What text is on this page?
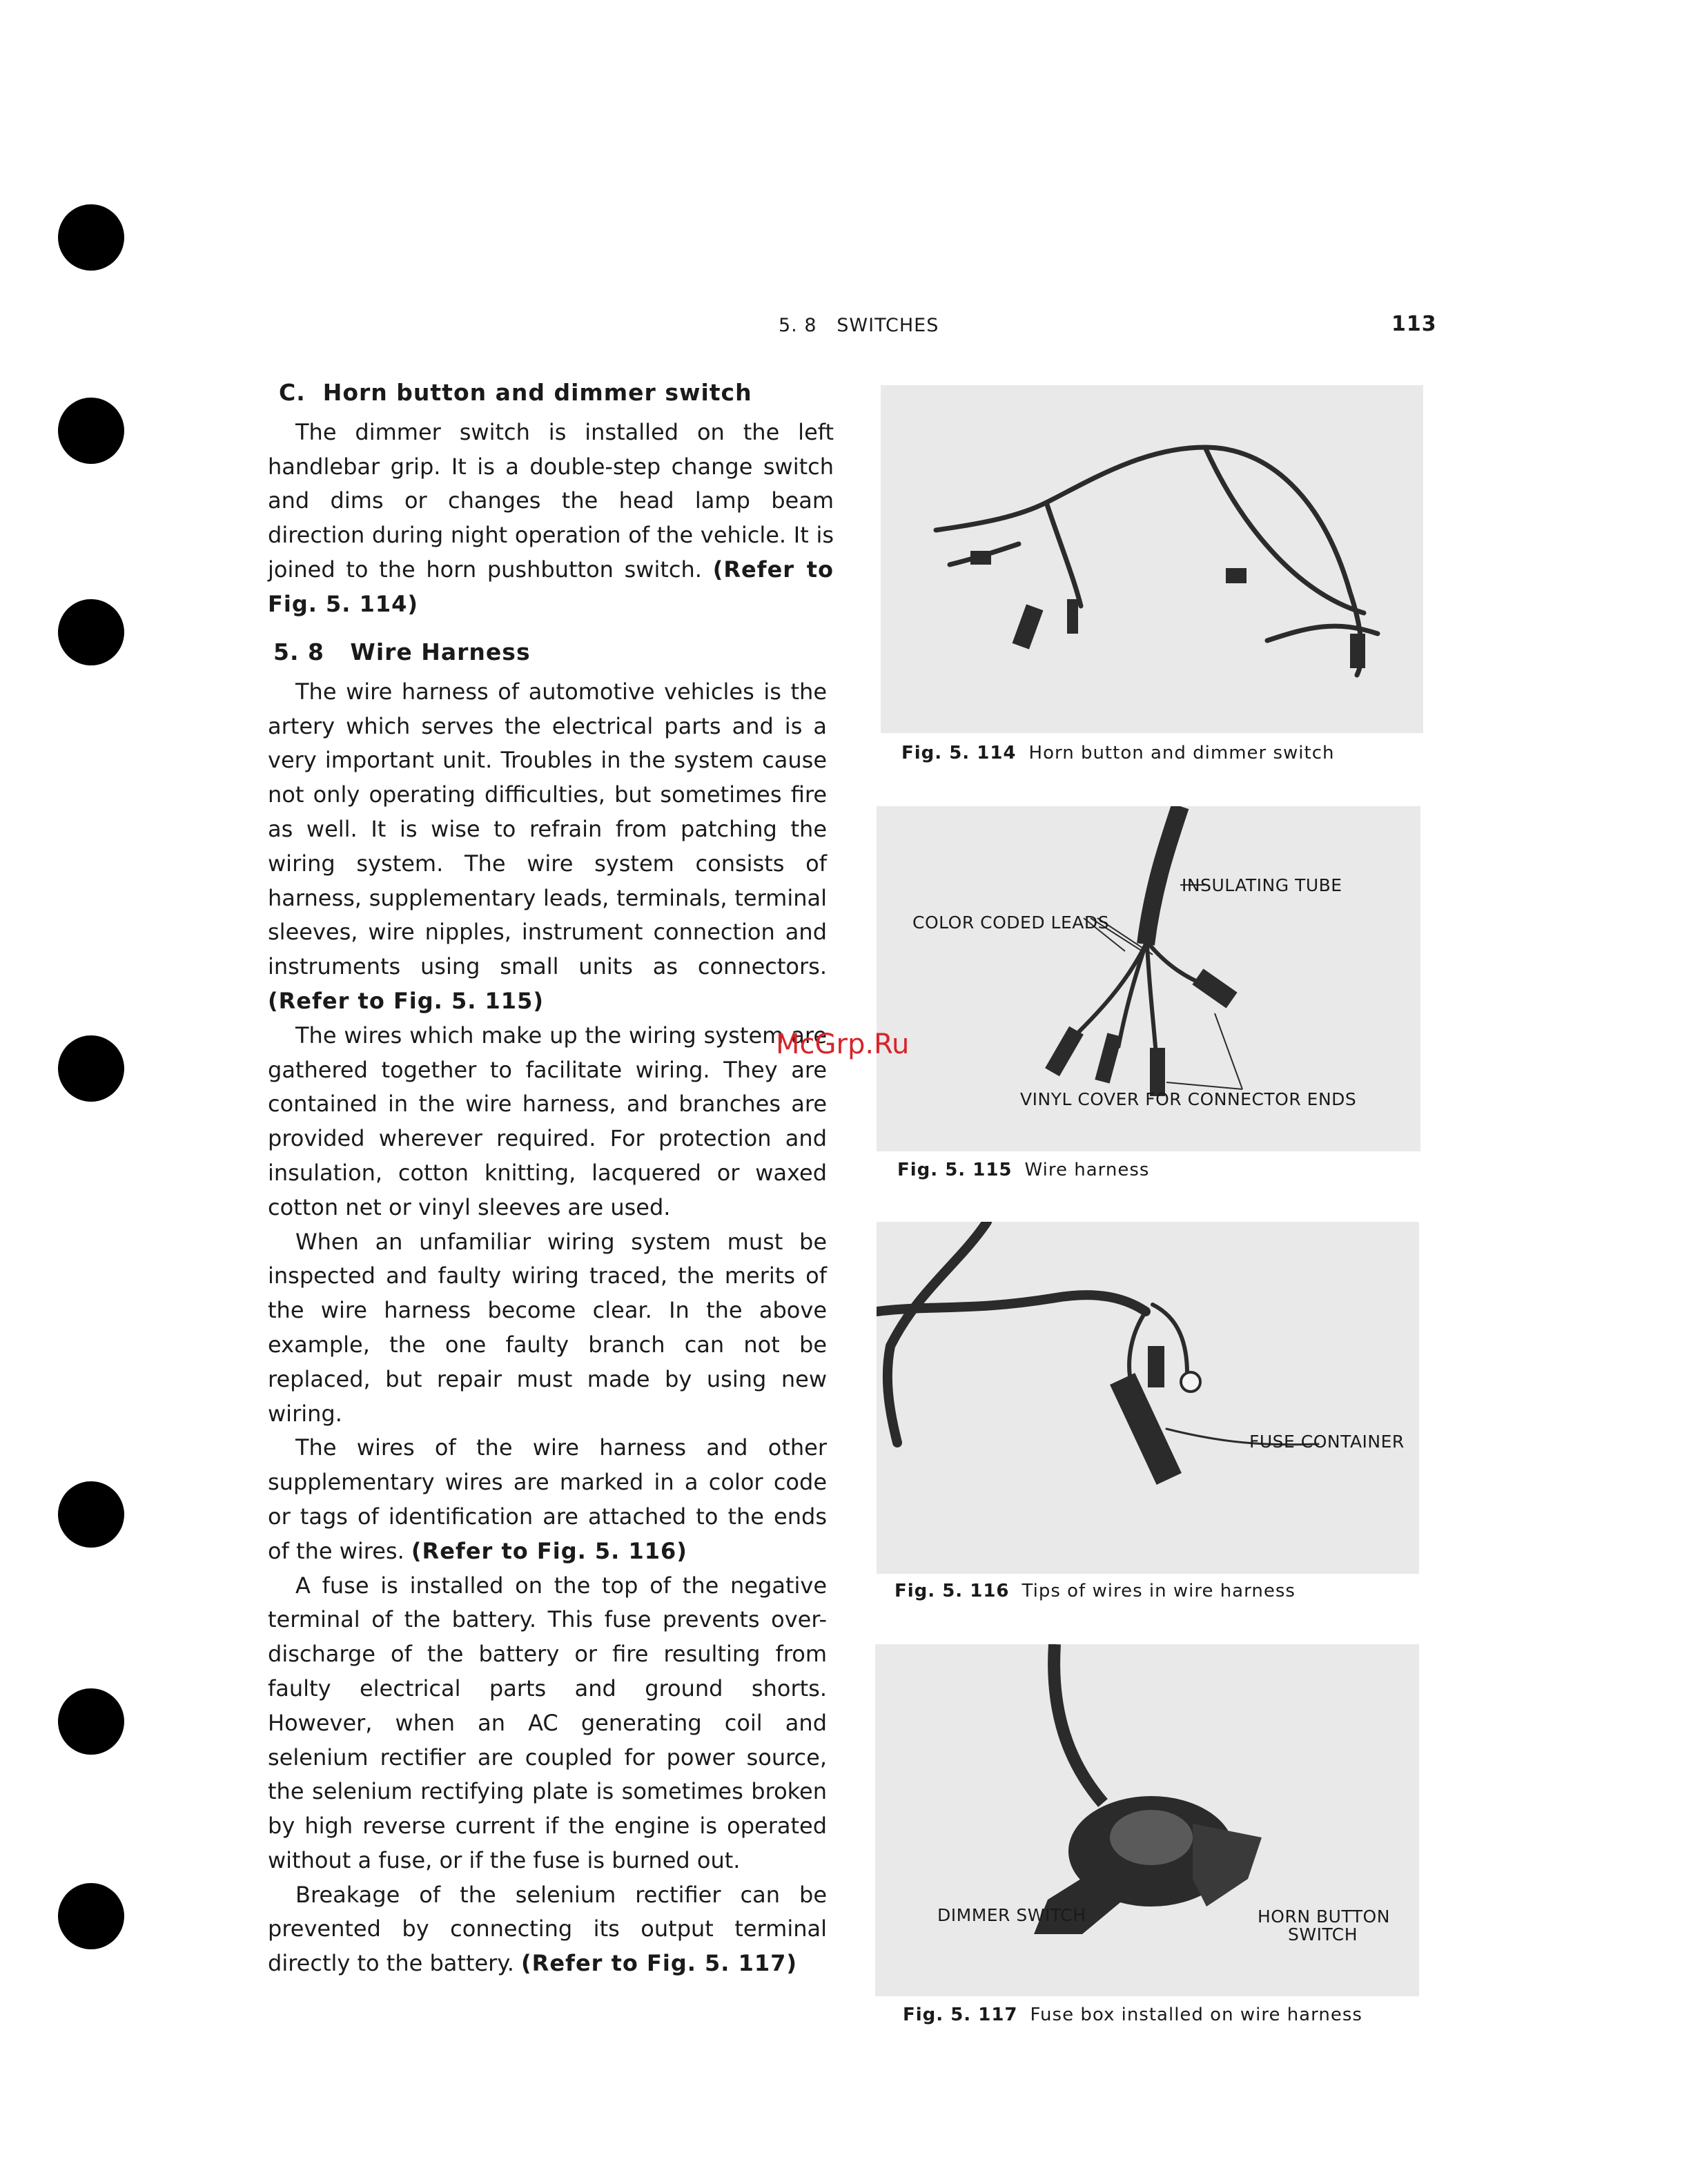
5. 8   SWITCHES	113
C.  Horn button and dimmer switch

The dimmer switch is installed on the left handlebar grip. It is a double-step change switch and dims or changes the head lamp beam direction during night operation of the vehicle. It is joined to the horn pushbutton switch. (Refer to Fig. 5. 114)

5. 8   Wire Harness

The wire harness of automotive vehicles is the artery which serves the electrical parts and is a very important unit. Troubles in the system cause not only operating difficulties, but sometimes fire as well. It is wise to refrain from patching the wiring system. The wire system consists of harness, supplementary leads, terminals, terminal sleeves, wire nipples, instrument connection and instruments using small units as connectors. (Refer to Fig. 5. 115)

The wires which make up the wiring system are gathered together to facilitate wiring. They are contained in the wire harness, and branches are provided wherever required. For protection and insulation, cotton knitting, lacquered or waxed cotton net or vinyl sleeves are used.

When an unfamiliar wiring system must be inspected and faulty wiring traced, the merits of the wire harness become clear. In the above example, the one faulty branch can not be replaced, but repair must made by using new wiring.

The wires of the wire harness and other supplementary wires are marked in a color code or tags of identification are attached to the ends of the wires. (Refer to Fig. 5. 116)

A fuse is installed on the top of the negative terminal of the battery. This fuse prevents over-discharge of the battery or fire resulting from faulty electrical parts and ground shorts. However, when an AC generating coil and selenium rectifier are coupled for power source, the selenium rectifying plate is sometimes broken by high reverse current if the engine is operated without a fuse, or if the fuse is burned out.

Breakage of the selenium rectifier can be prevented by connecting its output terminal directly to the battery. (Refer to Fig. 5. 117)

Fig. 5. 114 Horn button and dimmer switch
INSULATING TUBE
COLOR CODED LEADS
VINYL COVER FOR CONNECTOR ENDS
Fig. 5. 115 Wire harness
FUSE CONTAINER
Fig. 5. 116 Tips of wires in wire harness
DIMMER SWITCH	HORN BUTTON
SWITCH
Fig. 5. 117 Fuse box installed on wire harness
McGrp.Ru
